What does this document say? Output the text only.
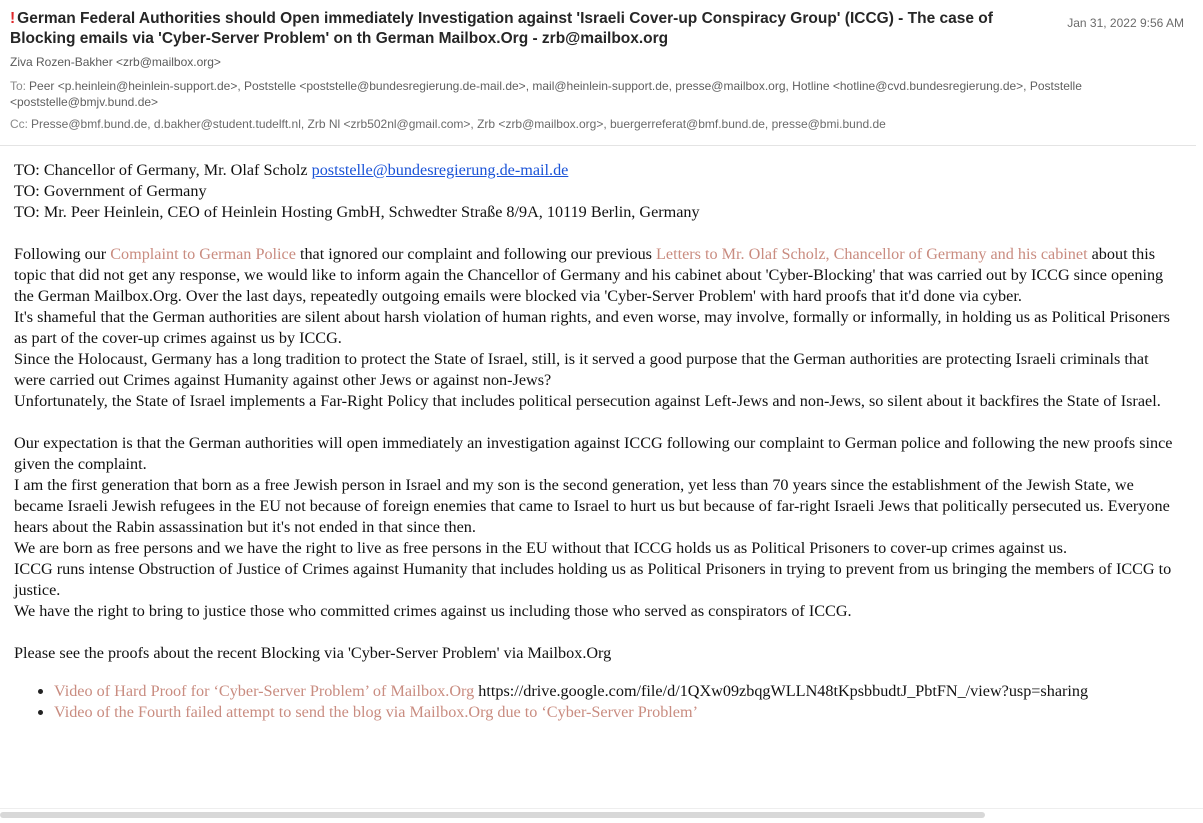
! German Federal Authorities should Open immediately Investigation against 'Israeli Cover-up Conspiracy Group' (ICCG) - The case of Blocking emails via 'Cyber-Server Problem' on th German Mailbox.Org - zrb@mailbox.org
Jan 31, 2022 9:56 AM
Ziva Rozen-Bakher <zrb@mailbox.org>
To: Peer <p.heinlein@heinlein-support.de>, Poststelle <poststelle@bundesregierung.de-mail.de>, mail@heinlein-support.de, presse@mailbox.org, Hotline <hotline@cvd.bundesregierung.de>, Poststelle <poststelle@bmjv.bund.de>
Cc: Presse@bmf.bund.de, d.bakher@student.tudelft.nl, Zrb Nl <zrb502nl@gmail.com>, Zrb <zrb@mailbox.org>, buergerreferat@bmf.bund.de, presse@bmi.bund.de

TO: Chancellor of Germany, Mr. Olaf Scholz poststelle@bundesregierung.de-mail.de

TO: Government of Germany

TO: Mr. Peer Heinlein, CEO of Heinlein Hosting GmbH, Schwedter Straße 8/9A, 10119 Berlin, Germany

Following our Complaint to German Police that ignored our complaint and following our previous Letters to Mr. Olaf Scholz, Chancellor of Germany and his cabinet about this topic that did not get any response, we would like to inform again the Chancellor of Germany and his cabinet about 'Cyber-Blocking' that was carried out by ICCG since opening the German Mailbox.Org. Over the last days, repeatedly outgoing emails were blocked via 'Cyber-Server Problem' with hard proofs that it'd done via cyber.

It's shameful that the German authorities are silent about harsh violation of human rights, and even worse, may involve, formally or informally, in holding us as Political Prisoners as part of the cover-up crimes against us by ICCG.

Since the Holocaust, Germany has a long tradition to protect the State of Israel, still, is it served a good purpose that the German authorities are protecting Israeli criminals that were carried out Crimes against Humanity against other Jews or against non-Jews?

Unfortunately, the State of Israel implements a Far-Right Policy that includes political persecution against Left-Jews and non-Jews, so silent about it backfires the State of Israel.

Our expectation is that the German authorities will open immediately an investigation against ICCG following our complaint to German police and following the new proofs since given the complaint.

I am the first generation that born as a free Jewish person in Israel and my son is the second generation, yet less than 70 years since the establishment of the Jewish State, we became Israeli Jewish refugees in the EU not because of foreign enemies that came to Israel to hurt us but because of far-right Israeli Jews that politically persecuted us. Everyone hears about the Rabin assassination but it's not ended in that since then.

We are born as free persons and we have the right to live as free persons in the EU without that ICCG holds us as Political Prisoners to cover-up crimes against us.

ICCG runs intense Obstruction of Justice of Crimes against Humanity that includes holding us as Political Prisoners in trying to prevent from us bringing the members of ICCG to justice.

We have the right to bring to justice those who committed crimes against us including those who served as conspirators of ICCG.

Please see the proofs about the recent Blocking via 'Cyber-Server Problem' via Mailbox.Org

• Video of Hard Proof for ‘Cyber-Server Problem’ of Mailbox.Org https://drive.google.com/file/d/1QXw09zbqgWLLN48tKpsbbudtJ_PbtFN_/view?usp=sharing
• Video of the Fourth failed attempt to send the blog via Mailbox.Org due to ‘Cyber-Server Problem’
